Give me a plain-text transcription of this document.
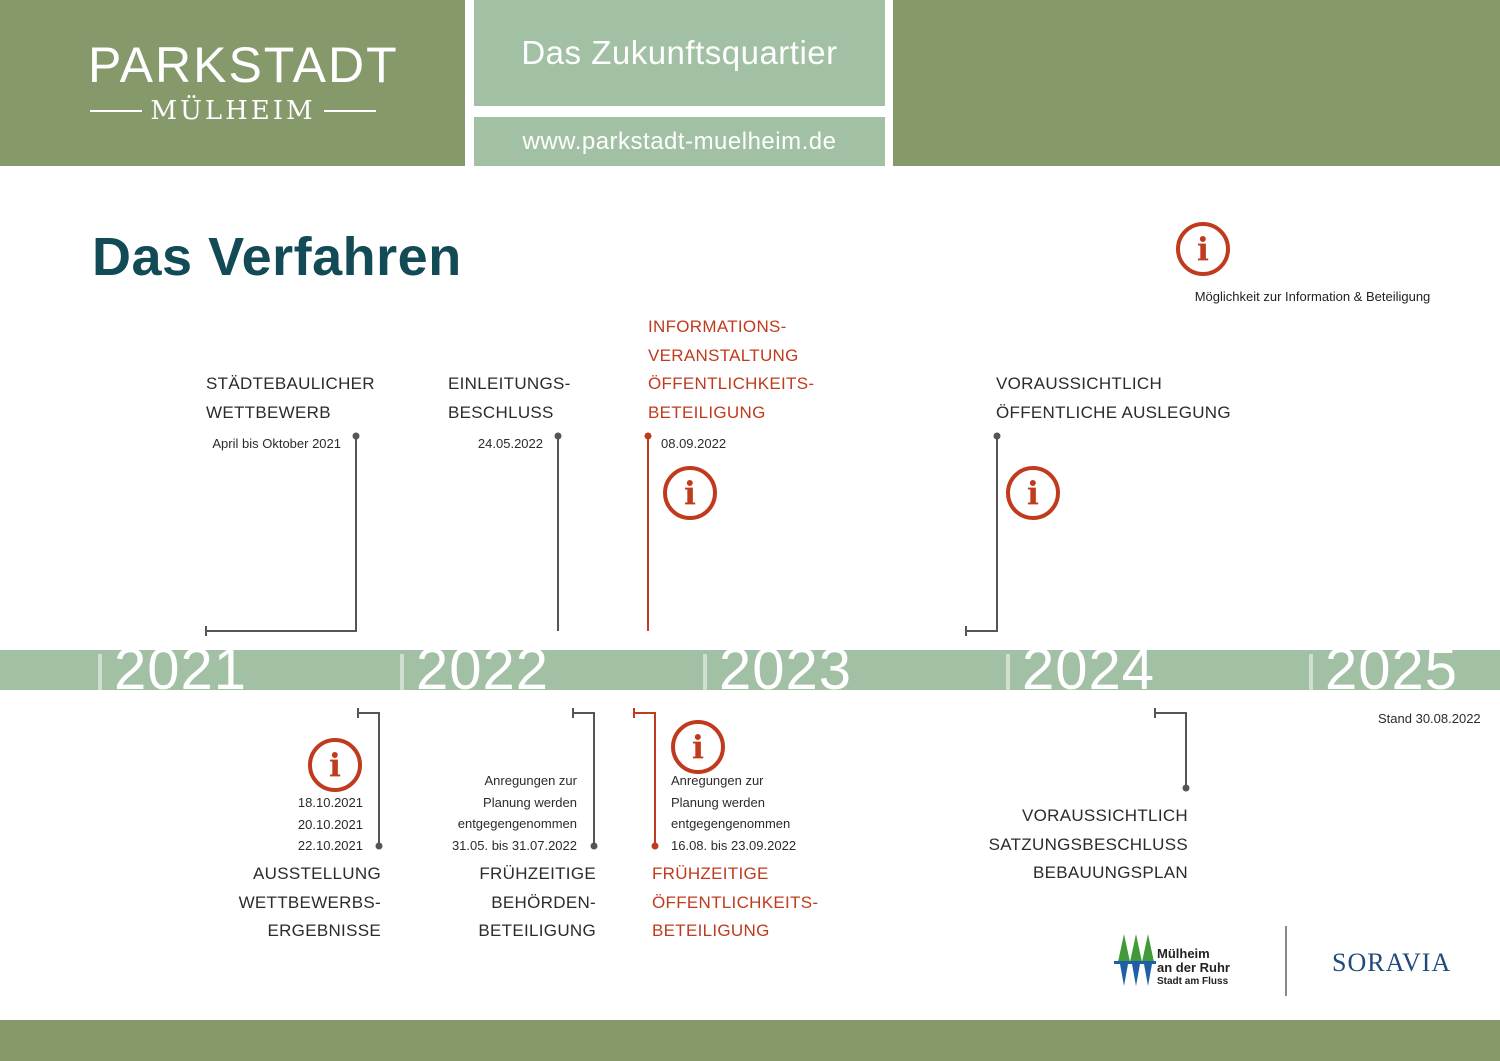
PARKSTADT
MÜLHEIM
Das Zukunftsquartier
www.parkstadt-muelheim.de
Das Verfahren	i
Möglichkeit zur Information & Beteiligung
STÄDTEBAULICHER
WETTBEWERB
April bis Oktober 2021
EINLEITUNGS-
BESCHLUSS
24.05.2022
INFORMATIONS-
VERANSTALTUNG
ÖFFENTLICHKEITS-
BETEILIGUNG
08.09.2022
i
VORAUSSICHTLICH
ÖFFENTLICHE AUSLEGUNG
i
2021	2022	2023	2024	2025
Stand 30.08.2022
i
18.10.2021
20.10.2021
22.10.2021
AUSSTELLUNG
WETTBEWERBS-
ERGEBNISSE
Anregungen zur
Planung werden
entgegengenommen
31.05. bis 31.07.2022
FRÜHZEITIGE
BEHÖRDEN-
BETEILIGUNG
i
Anregungen zur
Planung werden
entgegengenommen
16.08. bis 23.09.2022
FRÜHZEITIGE
ÖFFENTLICHKEITS-
BETEILIGUNG
VORAUSSICHTLICH
SATZUNGSBESCHLUSS
BEBAUUNGSPLAN
Mülheim
an der Ruhr
Stadt am Fluss
SORAVIA
